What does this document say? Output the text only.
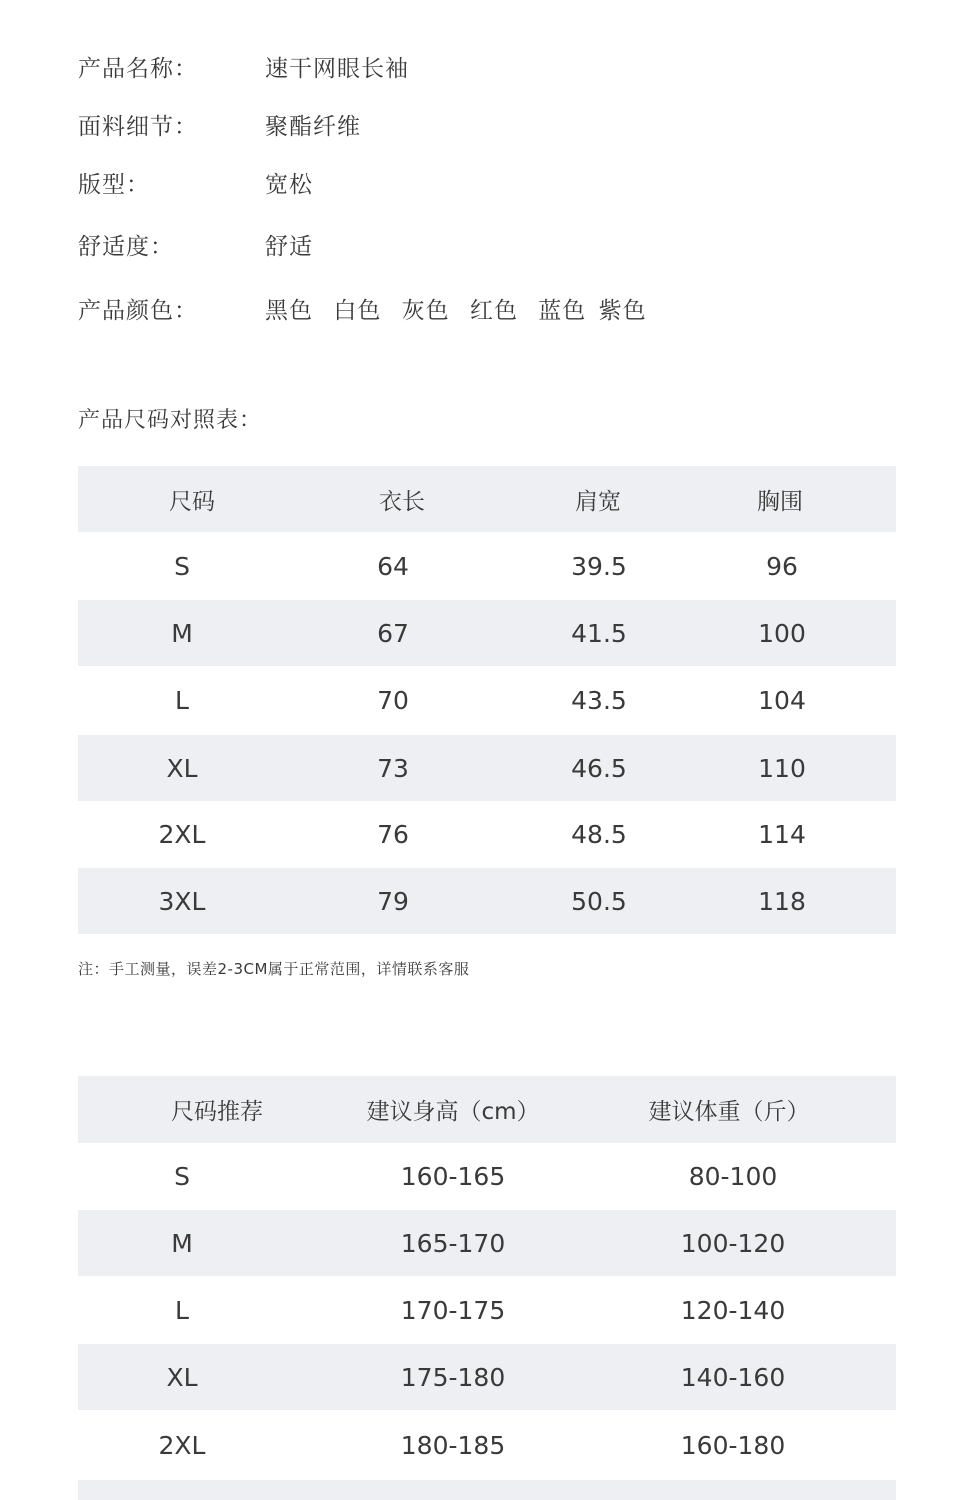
产品名称：	速干网眼长袖
面料细节：	聚酯纤维
版型：	宽松
舒适度：	舒适
产品颜色：	黑色 白色 灰色 红色 蓝色 紫色
产品尺码对照表：
尺码	衣长	肩宽	胸围
S	64	39.5	96
M	67	41.5	100
L	70	43.5	104
XL	73	46.5	110
2XL	76	48.5	114
3XL	79	50.5	118
注：手工测量，误差2-3CM属于正常范围，详情联系客服
尺码推荐	建议身高（cm）	建议体重（斤）
S	160-165	80-100
M	165-170	100-120
L	170-175	120-140
XL	175-180	140-160
2XL	180-185	160-180
